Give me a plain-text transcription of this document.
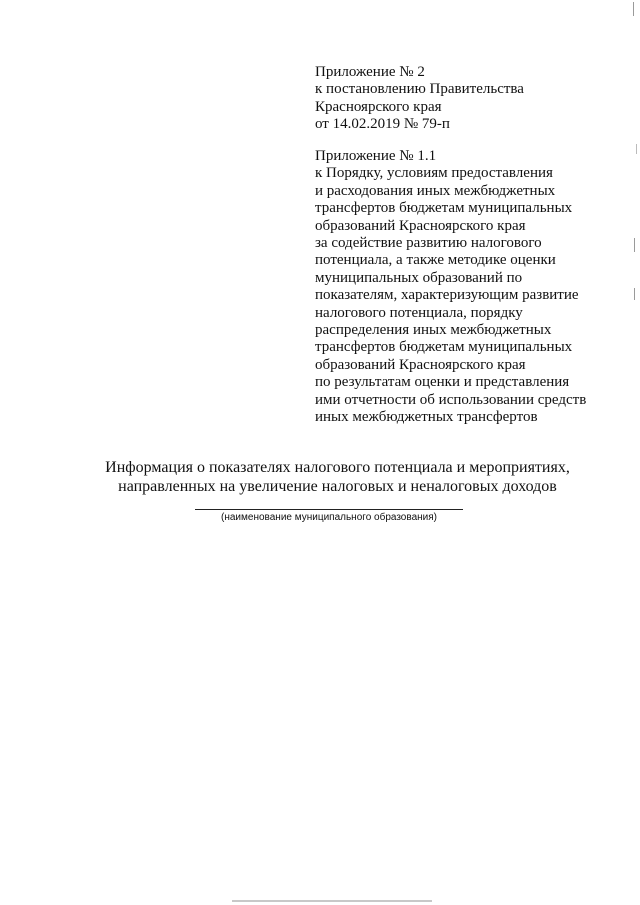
Приложение № 2
к постановлению Правительства
Красноярского края
от 14.02.2019 № 79-п
Приложение № 1.1
к Порядку, условиям предоставления
и расходования иных межбюджетных
трансфертов бюджетам муниципальных
образований Красноярского края
за содействие развитию налогового
потенциала, а также методике оценки
муниципальных образований по
показателям, характеризующим развитие
налогового потенциала, порядку
распределения иных межбюджетных
трансфертов бюджетам муниципальных
образований Красноярского края
по результатам оценки и представления
ими отчетности об использовании средств
иных межбюджетных трансфертов
Информация о показателях налогового потенциала и мероприятиях,
направленных на увеличение налоговых и неналоговых доходов
(наименование муниципального образования)
